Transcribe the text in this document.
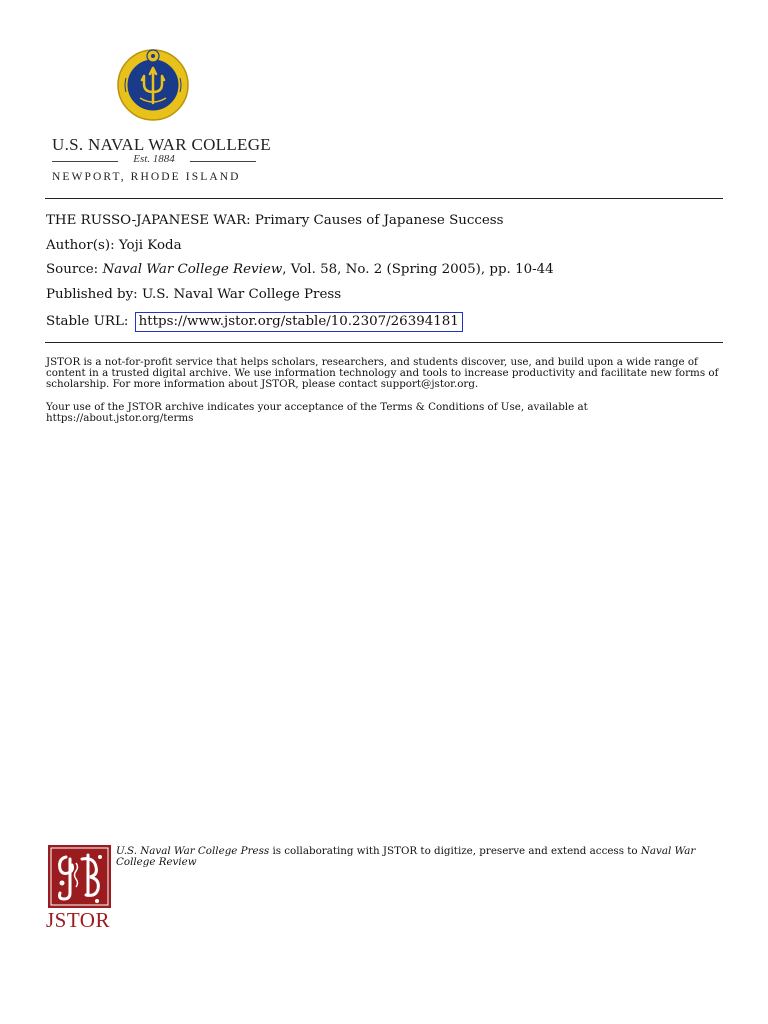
U.S. NAVAL WAR COLLEGE
Est. 1884
NEWPORT, RHODE ISLAND
THE RUSSO-JAPANESE WAR: Primary Causes of Japanese Success
Author(s): Yoji Koda
Source: Naval War College Review, Vol. 58, No. 2 (Spring 2005), pp. 10-44
Published by: U.S. Naval War College Press
Stable URL: https://www.jstor.org/stable/10.2307/26394181
JSTOR is a not-for-profit service that helps scholars, researchers, and students discover, use, and build upon a wide range of content in a trusted digital archive. We use information technology and tools to increase productivity and facilitate new forms of scholarship. For more information about JSTOR, please contact support@jstor.org.
Your use of the JSTOR archive indicates your acceptance of the Terms & Conditions of Use, available at https://about.jstor.org/terms
JSTOR
U.S. Naval War College Press is collaborating with JSTOR to digitize, preserve and extend access to Naval War College Review
